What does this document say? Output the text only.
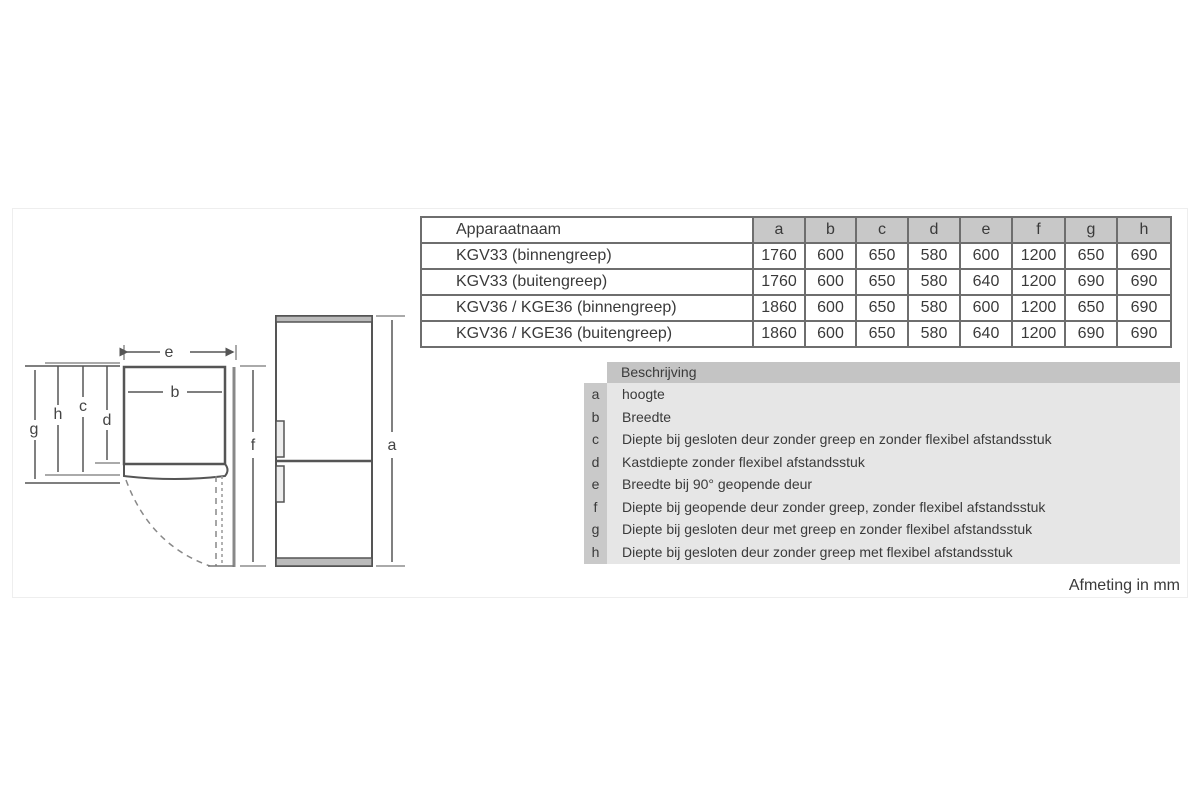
e
b
g
h c
d
f	a
Apparaatnaam	a	b	c	d	e	f	g	h
KGV33 (binnengreep)	1760	600	650	580	600	1200	650	690
KGV33 (buitengreep)	1760	600	650	580	640	1200	690	690
KGV36 / KGE36 (binnengreep)	1860	600	650	580	600	1200	650	690
KGV36 / KGE36 (buitengreep)	1860	600	650	580	640	1200	690	690
Beschrijving
a	hoogte
b	Breedte
c	Diepte bij gesloten deur zonder greep en zonder flexibel afstandsstuk
d	Kastdiepte zonder flexibel afstandsstuk
e	Breedte bij 90° geopende deur
f	Diepte bij geopende deur zonder greep, zonder flexibel afstandsstuk
g	Diepte bij gesloten deur met greep en zonder flexibel afstandsstuk
h	Diepte bij gesloten deur zonder greep met flexibel afstandsstuk
Afmeting in mm
